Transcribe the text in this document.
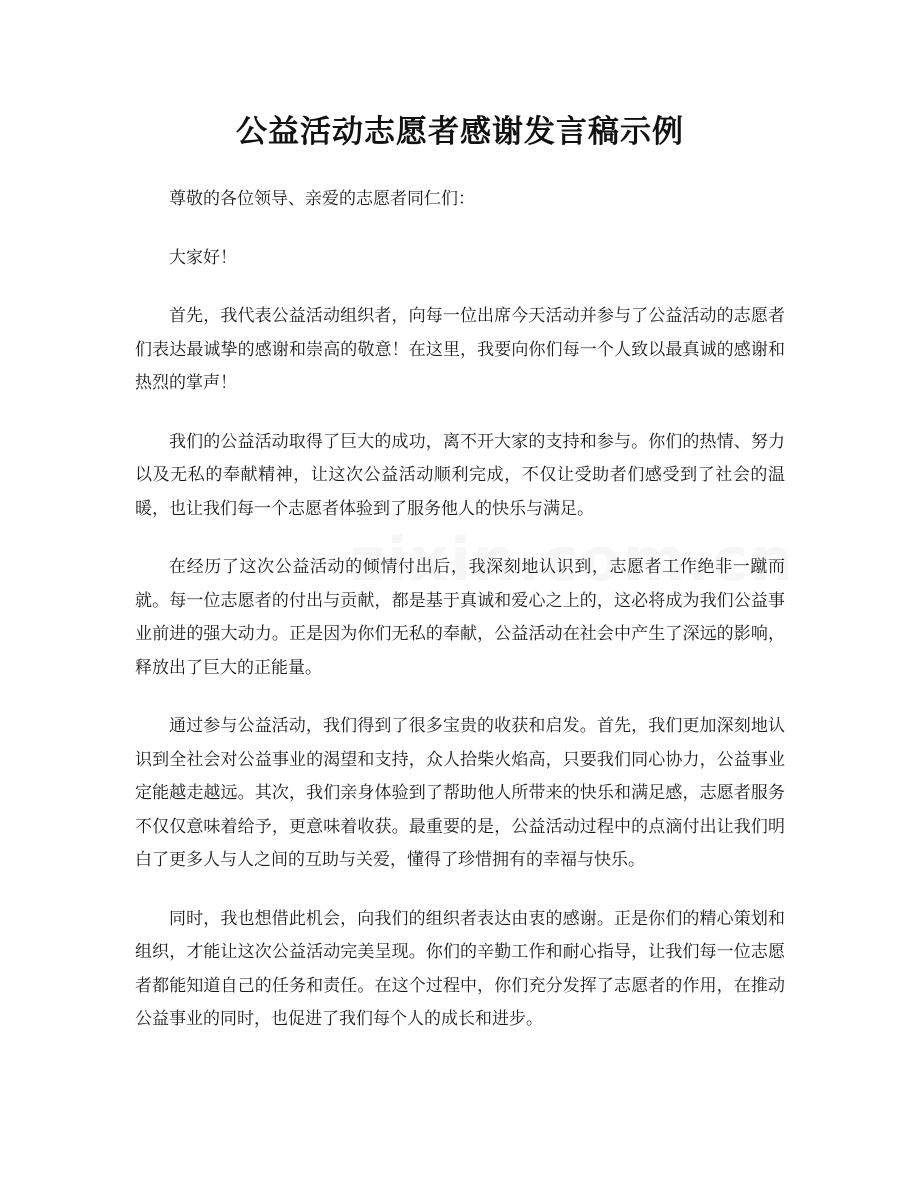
公益活动志愿者感谢发言稿示例

尊敬的各位领导、亲爱的志愿者同仁们：

大家好！

首先，我代表公益活动组织者，向每一位出席今天活动并参与了公益活动的志愿者们表达最诚挚的感谢和崇高的敬意！在这里，我要向你们每一个人致以最真诚的感谢和热烈的掌声！

我们的公益活动取得了巨大的成功，离不开大家的支持和参与。你们的热情、努力以及无私的奉献精神，让这次公益活动顺利完成，不仅让受助者们感受到了社会的温暖，也让我们每一个志愿者体验到了服务他人的快乐与满足。

在经历了这次公益活动的倾情付出后，我深刻地认识到，志愿者工作绝非一蹴而就。每一位志愿者的付出与贡献，都是基于真诚和爱心之上的，这必将成为我们公益事业前进的强大动力。正是因为你们无私的奉献，公益活动在社会中产生了深远的影响，释放出了巨大的正能量。

通过参与公益活动，我们得到了很多宝贵的收获和启发。首先，我们更加深刻地认识到全社会对公益事业的渴望和支持，众人拾柴火焰高，只要我们同心协力，公益事业定能越走越远。其次，我们亲身体验到了帮助他人所带来的快乐和满足感，志愿者服务不仅仅意味着给予，更意味着收获。最重要的是，公益活动过程中的点滴付出让我们明白了更多人与人之间的互助与关爱，懂得了珍惜拥有的幸福与快乐。

同时，我也想借此机会，向我们的组织者表达由衷的感谢。正是你们的精心策划和组织，才能让这次公益活动完美呈现。你们的辛勤工作和耐心指导，让我们每一位志愿者都能知道自己的任务和责任。在这个过程中，你们充分发挥了志愿者的作用，在推动公益事业的同时，也促进了我们每个人的成长和进步。
